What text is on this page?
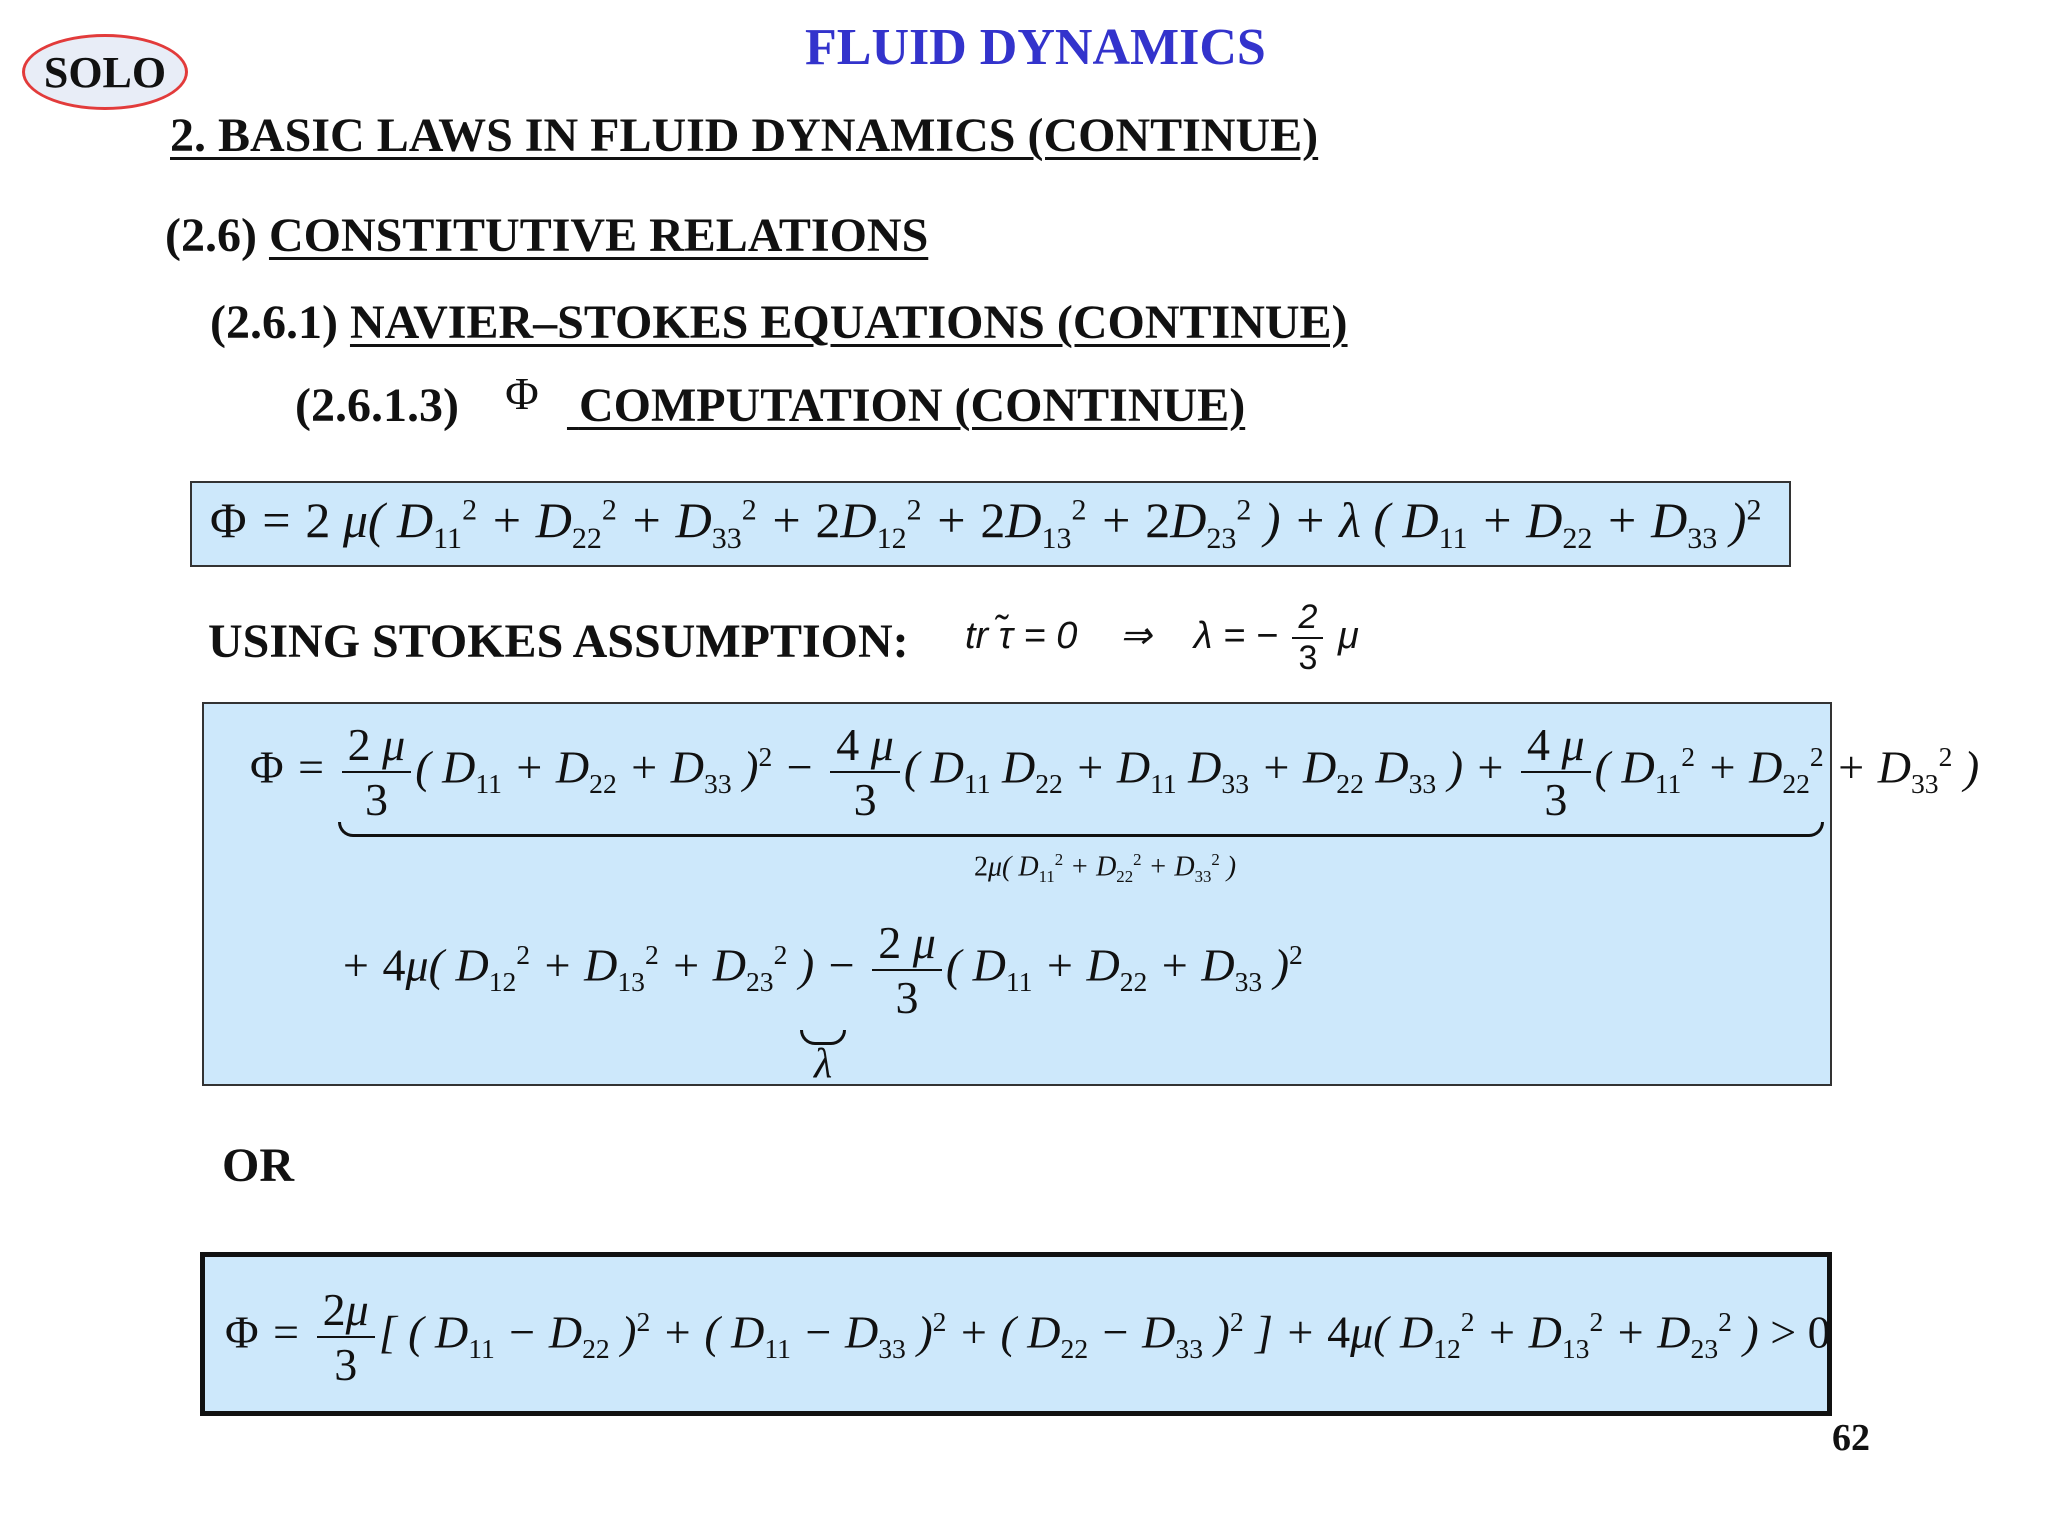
SOLO	FLUID DYNAMICS
2. BASIC LAWS IN FLUID DYNAMICS (CONTINUE)
(2.6) CONSTITUTIVE RELATIONS
(2.6.1) NAVIER–STOKES EQUATIONS (CONTINUE)
(2.6.1.3) Φ COMPUTATION (CONTINUE)
Φ = 2 μ( $D_{11}^2 + D_{22}^2 + D_{33}^2 + 2D_{12}^2 + 2D_{13}^2 + 2D_{23}^2$ ) + λ ( $D_{11} + D_{22} + D_{33}$ )$^2$
USING STOKES ASSUMPTION: tr τ̃ = 0    ⇒    λ = − $\frac{2}{3}$ μ
$\Phi = \frac{2 \mu}{3}$ ( $D_{11} + D_{22} + D_{33}$ )$^2 - \frac{4 \mu}{3}$ ( $D_{11}$ $D_{22} + D_{11}$ $D_{33} + D_{22}$ $D_{33}$ ) + $\frac{4 \mu}{3}$ ( $D_{11}^2 + D_{22}^2 + D_{33}^2$ )
2μ( $D_{11}^2 + D_{22}^2 + D_{33}^2$ )
+ 4μ( $D_{12}^2 + D_{13}^2 + D_{23}^2$ ) − $\frac{2 \mu}{3}$ ( $D_{11} + D_{22} + D_{33}$ )$^2$
λ
OR
$\Phi = \frac{2\mu}{3}$ [ ( $D_{11} - D_{22}$ )$^2$ + ( $D_{11} - D_{33}$ )$^2$ + ( $D_{22} - D_{33}$ )$^2$ ] + 4μ( $D_{12}^2 + D_{13}^2 + D_{23}^2$ ) > 0
62
